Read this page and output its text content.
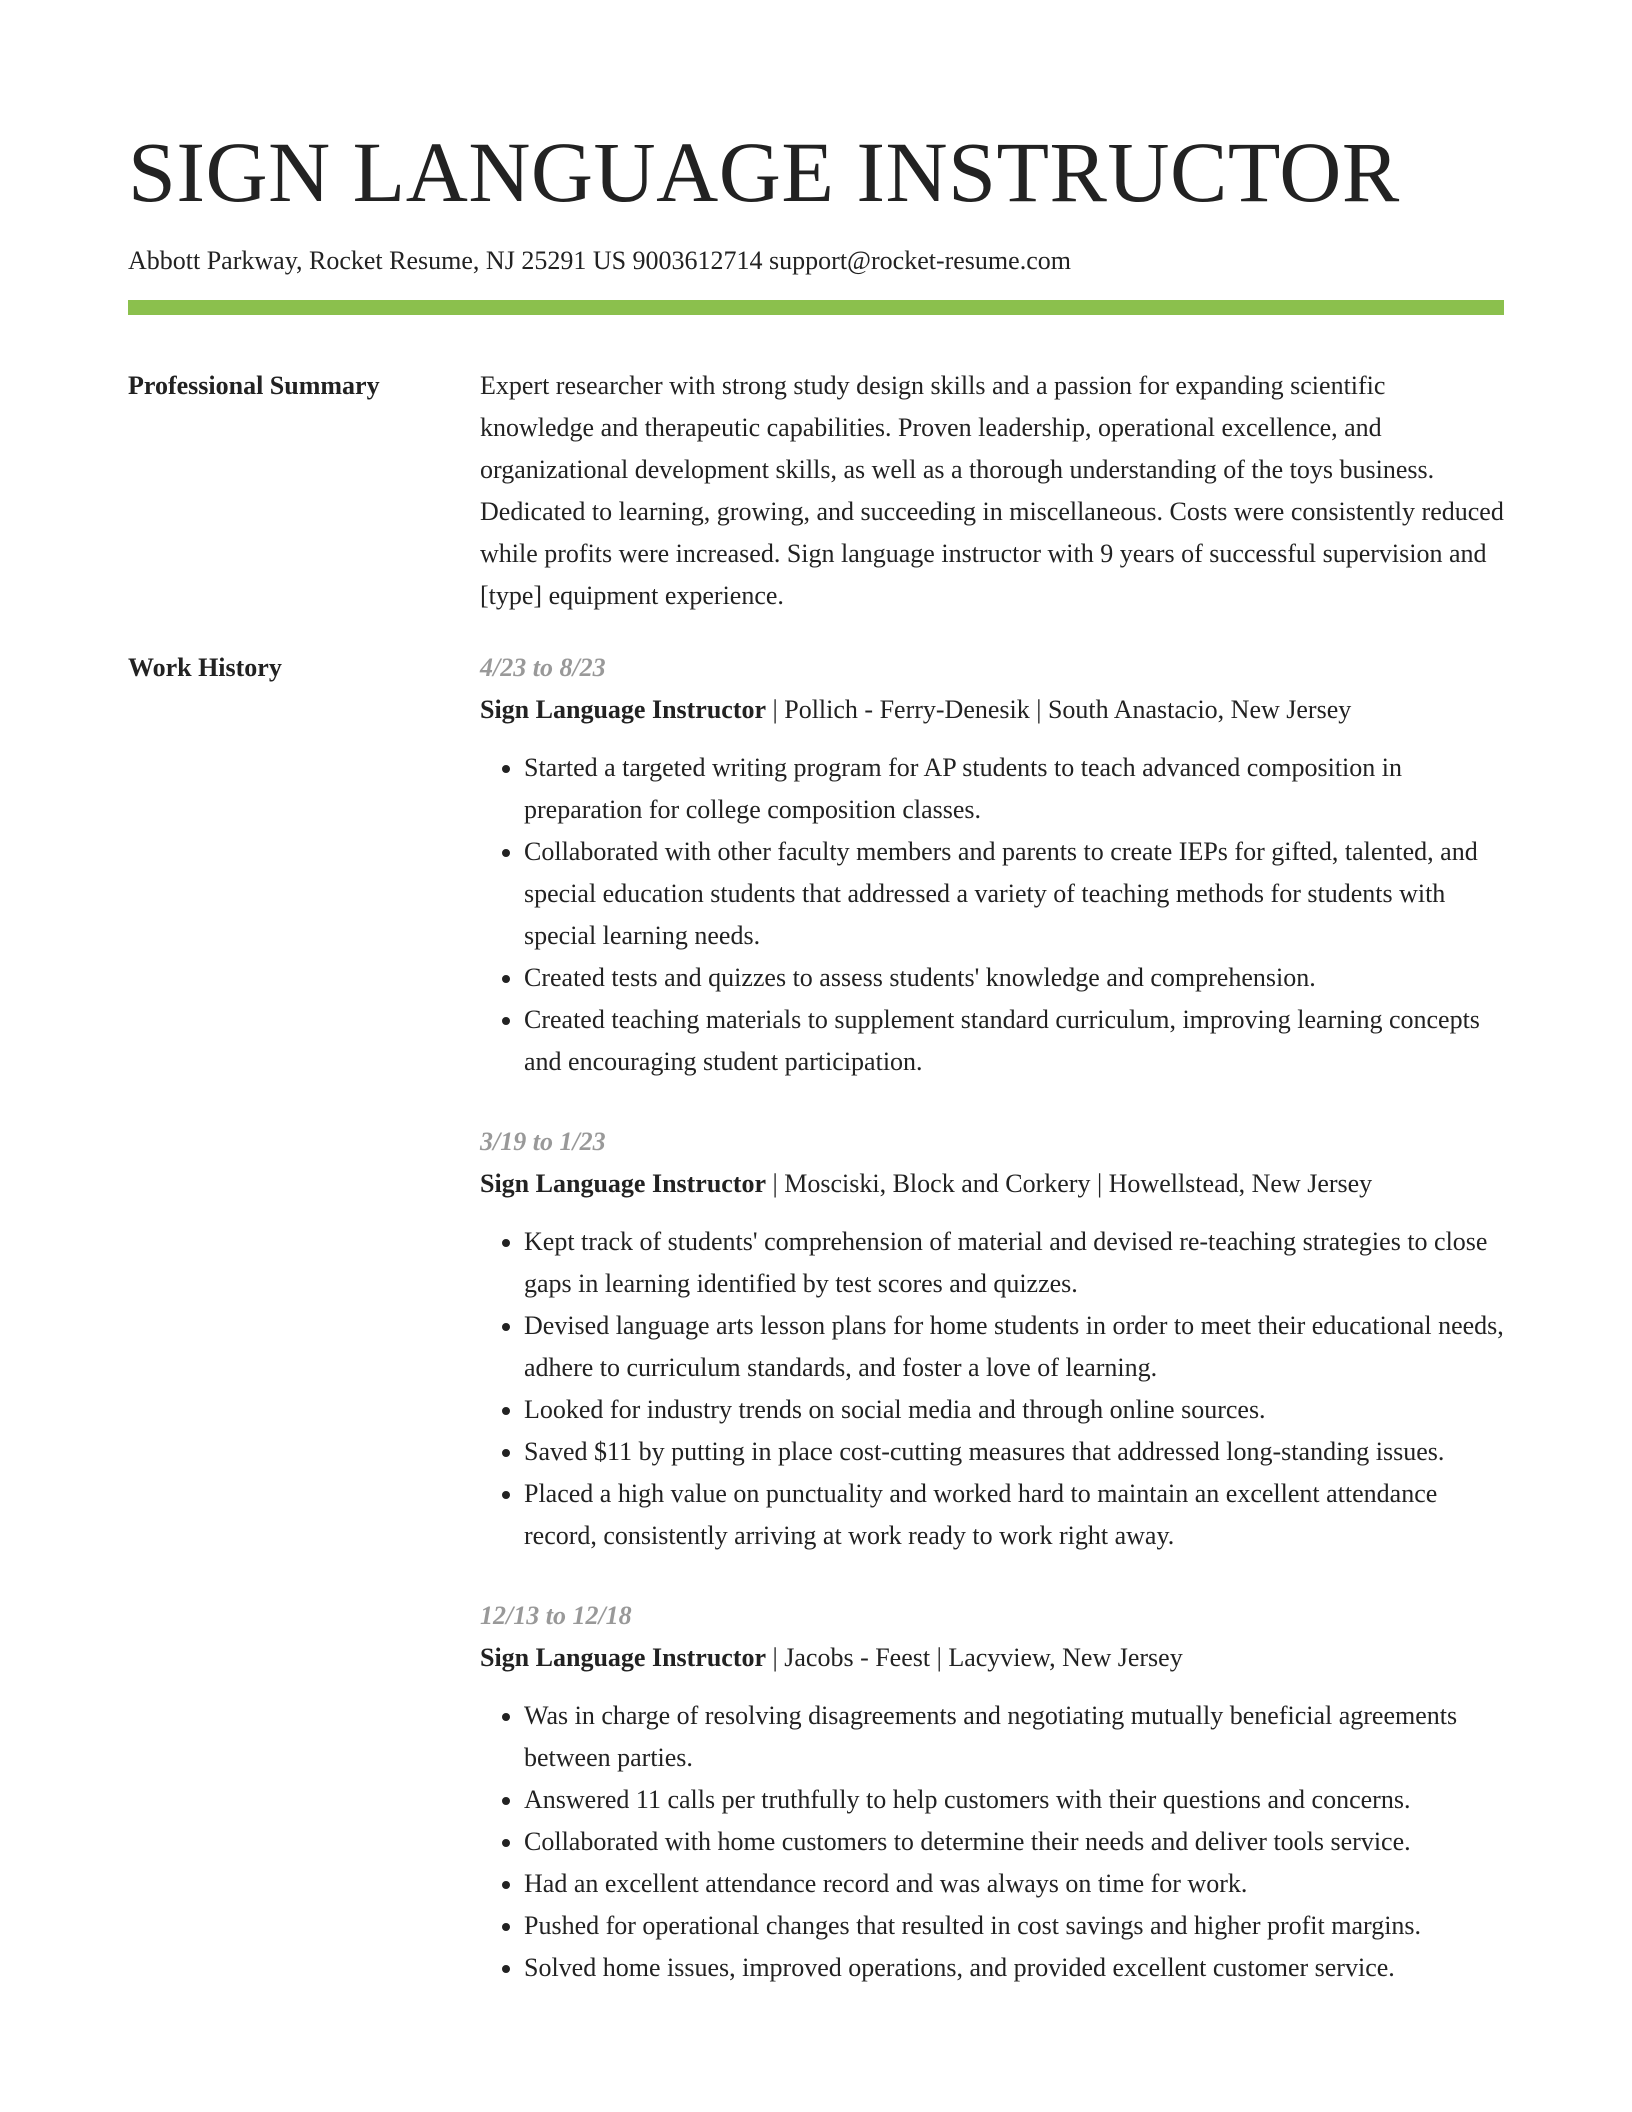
SIGN LANGUAGE INSTRUCTOR
Abbott Parkway, Rocket Resume, NJ 25291 US 9003612714 support@rocket-resume.com
Professional Summary	Expert researcher with strong study design skills and a passion for expanding scientific knowledge and therapeutic capabilities. Proven leadership, operational excellence, and organizational development skills, as well as a thorough understanding of the toys business. Dedicated to learning, growing, and succeeding in miscellaneous. Costs were consistently reduced while profits were increased. Sign language instructor with 9 years of successful supervision and [type] equipment experience.
Work History	4/23 to 8/23
Sign Language Instructor | Pollich - Ferry-Denesik | South Anastacio, New Jersey
• Started a targeted writing program for AP students to teach advanced composition in preparation for college composition classes.
• Collaborated with other faculty members and parents to create IEPs for gifted, talented, and special education students that addressed a variety of teaching methods for students with special learning needs.
• Created tests and quizzes to assess students' knowledge and comprehension.
• Created teaching materials to supplement standard curriculum, improving learning concepts and encouraging student participation.
3/19 to 1/23
Sign Language Instructor | Mosciski, Block and Corkery | Howellstead, New Jersey
• Kept track of students' comprehension of material and devised re-teaching strategies to close gaps in learning identified by test scores and quizzes.
• Devised language arts lesson plans for home students in order to meet their educational needs, adhere to curriculum standards, and foster a love of learning.
• Looked for industry trends on social media and through online sources.
• Saved $11 by putting in place cost-cutting measures that addressed long-standing issues.
• Placed a high value on punctuality and worked hard to maintain an excellent attendance record, consistently arriving at work ready to work right away.
12/13 to 12/18
Sign Language Instructor | Jacobs - Feest | Lacyview, New Jersey
• Was in charge of resolving disagreements and negotiating mutually beneficial agreements between parties.
• Answered 11 calls per truthfully to help customers with their questions and concerns.
• Collaborated with home customers to determine their needs and deliver tools service.
• Had an excellent attendance record and was always on time for work.
• Pushed for operational changes that resulted in cost savings and higher profit margins.
• Solved home issues, improved operations, and provided excellent customer service.
